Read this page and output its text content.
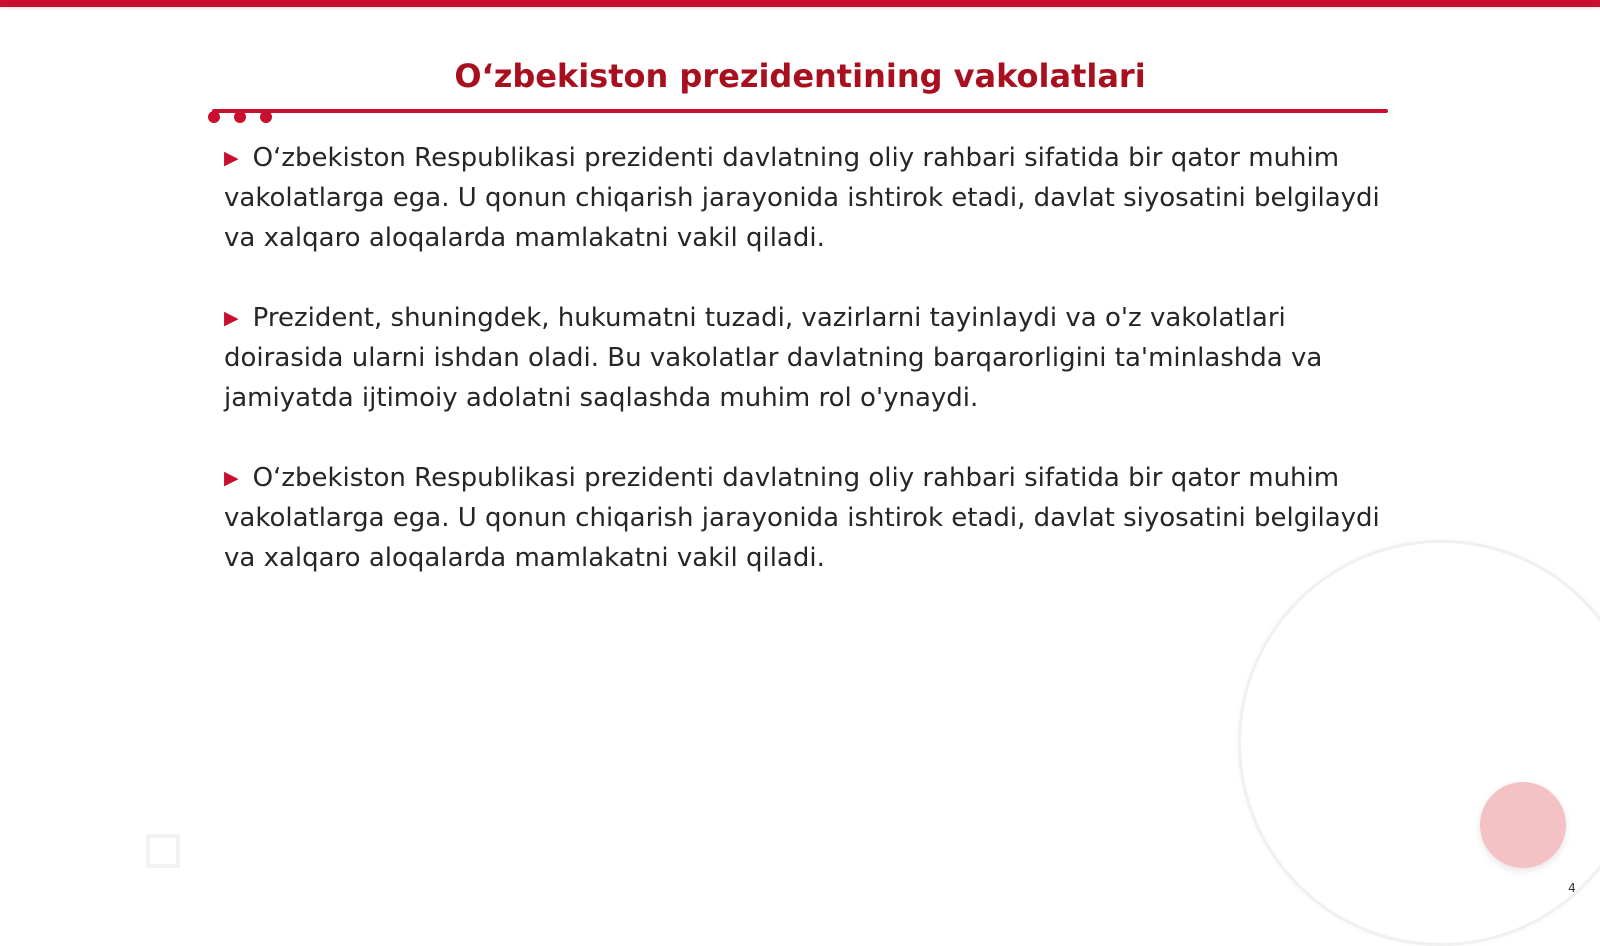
O‘zbekiston prezidentining vakolatlari

▶ O‘zbekiston Respublikasi prezidenti davlatning oliy rahbari sifatida bir qator muhim vakolatlarga ega. U qonun chiqarish jarayonida ishtirok etadi, davlat siyosatini belgilaydi va xalqaro aloqalarda mamlakatni vakil qiladi.

▶ Prezident, shuningdek, hukumatni tuzadi, vazirlarni tayinlaydi va o'z vakolatlari doirasida ularni ishdan oladi. Bu vakolatlar davlatning barqarorligini ta'minlashda va jamiyatda ijtimoiy adolatni saqlashda muhim rol o'ynaydi.

▶ O‘zbekiston Respublikasi prezidenti davlatning oliy rahbari sifatida bir qator muhim vakolatlarga ega. U qonun chiqarish jarayonida ishtirok etadi, davlat siyosatini belgilaydi va xalqaro aloqalarda mamlakatni vakil qiladi.

4
